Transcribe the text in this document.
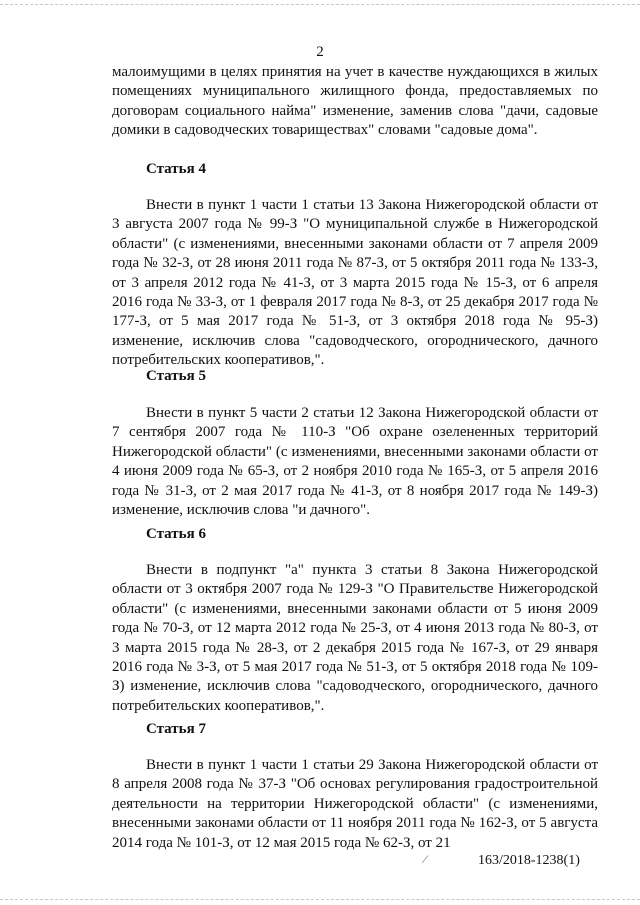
2

малоимущими в целях принятия на учет в качестве нуждающихся в жилых помещениях муниципального жилищного фонда, предоставляемых по договорам социального найма" изменение, заменив слова "дачи, садовые домики в садоводческих товариществах" словами "садовые дома".

Статья 4

Внести в пункт 1 части 1 статьи 13 Закона Нижегородской области от 3 августа 2007 года № 99-З "О муниципальной службе в Нижегородской области" (с изменениями, внесенными законами области от 7 апреля 2009 года № 32-З, от 28 июня 2011 года № 87-З, от 5 октября 2011 года № 133-З, от 3 апреля 2012 года № 41-З, от 3 марта 2015 года № 15-З, от 6 апреля 2016 года № 33-З, от 1 февраля 2017 года № 8-З, от 25 декабря 2017 года № 177-З, от 5 мая 2017 года № 51-З, от 3 октября 2018 года № 95-З) изменение, исключив слова "садоводческого, огороднического, дачного потребительских кооперативов,".

Статья 5

Внести в пункт 5 части 2 статьи 12 Закона Нижегородской области от 7 сентября 2007 года № 110-З "Об охране озелененных территорий Нижегородской области" (с изменениями, внесенными законами области от 4 июня 2009 года № 65-З, от 2 ноября 2010 года № 165-З, от 5 апреля 2016 года № 31-З, от 2 мая 2017 года № 41-З, от 8 ноября 2017 года № 149-З) изменение, исключив слова "и дачного".

Статья 6

Внести в подпункт "а" пункта 3 статьи 8 Закона Нижегородской области от 3 октября 2007 года № 129-З "О Правительстве Нижегородской области" (с изменениями, внесенными законами области от 5 июня 2009 года № 70-З, от 12 марта 2012 года № 25-З, от 4 июня 2013 года № 80-З, от 3 марта 2015 года № 28-З, от 2 декабря 2015 года № 167-З, от 29 января 2016 года № 3-З, от 5 мая 2017 года № 51-З, от 5 октября 2018 года № 109-З) изменение, исключив слова "садоводческого, огороднического, дачного потребительских кооперативов,".

Статья 7

Внести в пункт 1 части 1 статьи 29 Закона Нижегородской области от 8 апреля 2008 года № 37-З "Об основах регулирования градостроительной деятельности на территории Нижегородской области" (с изменениями, внесенными законами области от 11 ноября 2011 года № 162-З, от 5 августа 2014 года № 101-З, от 12 мая 2015 года № 62-З, от 21

⁄	163/2018-1238(1)
